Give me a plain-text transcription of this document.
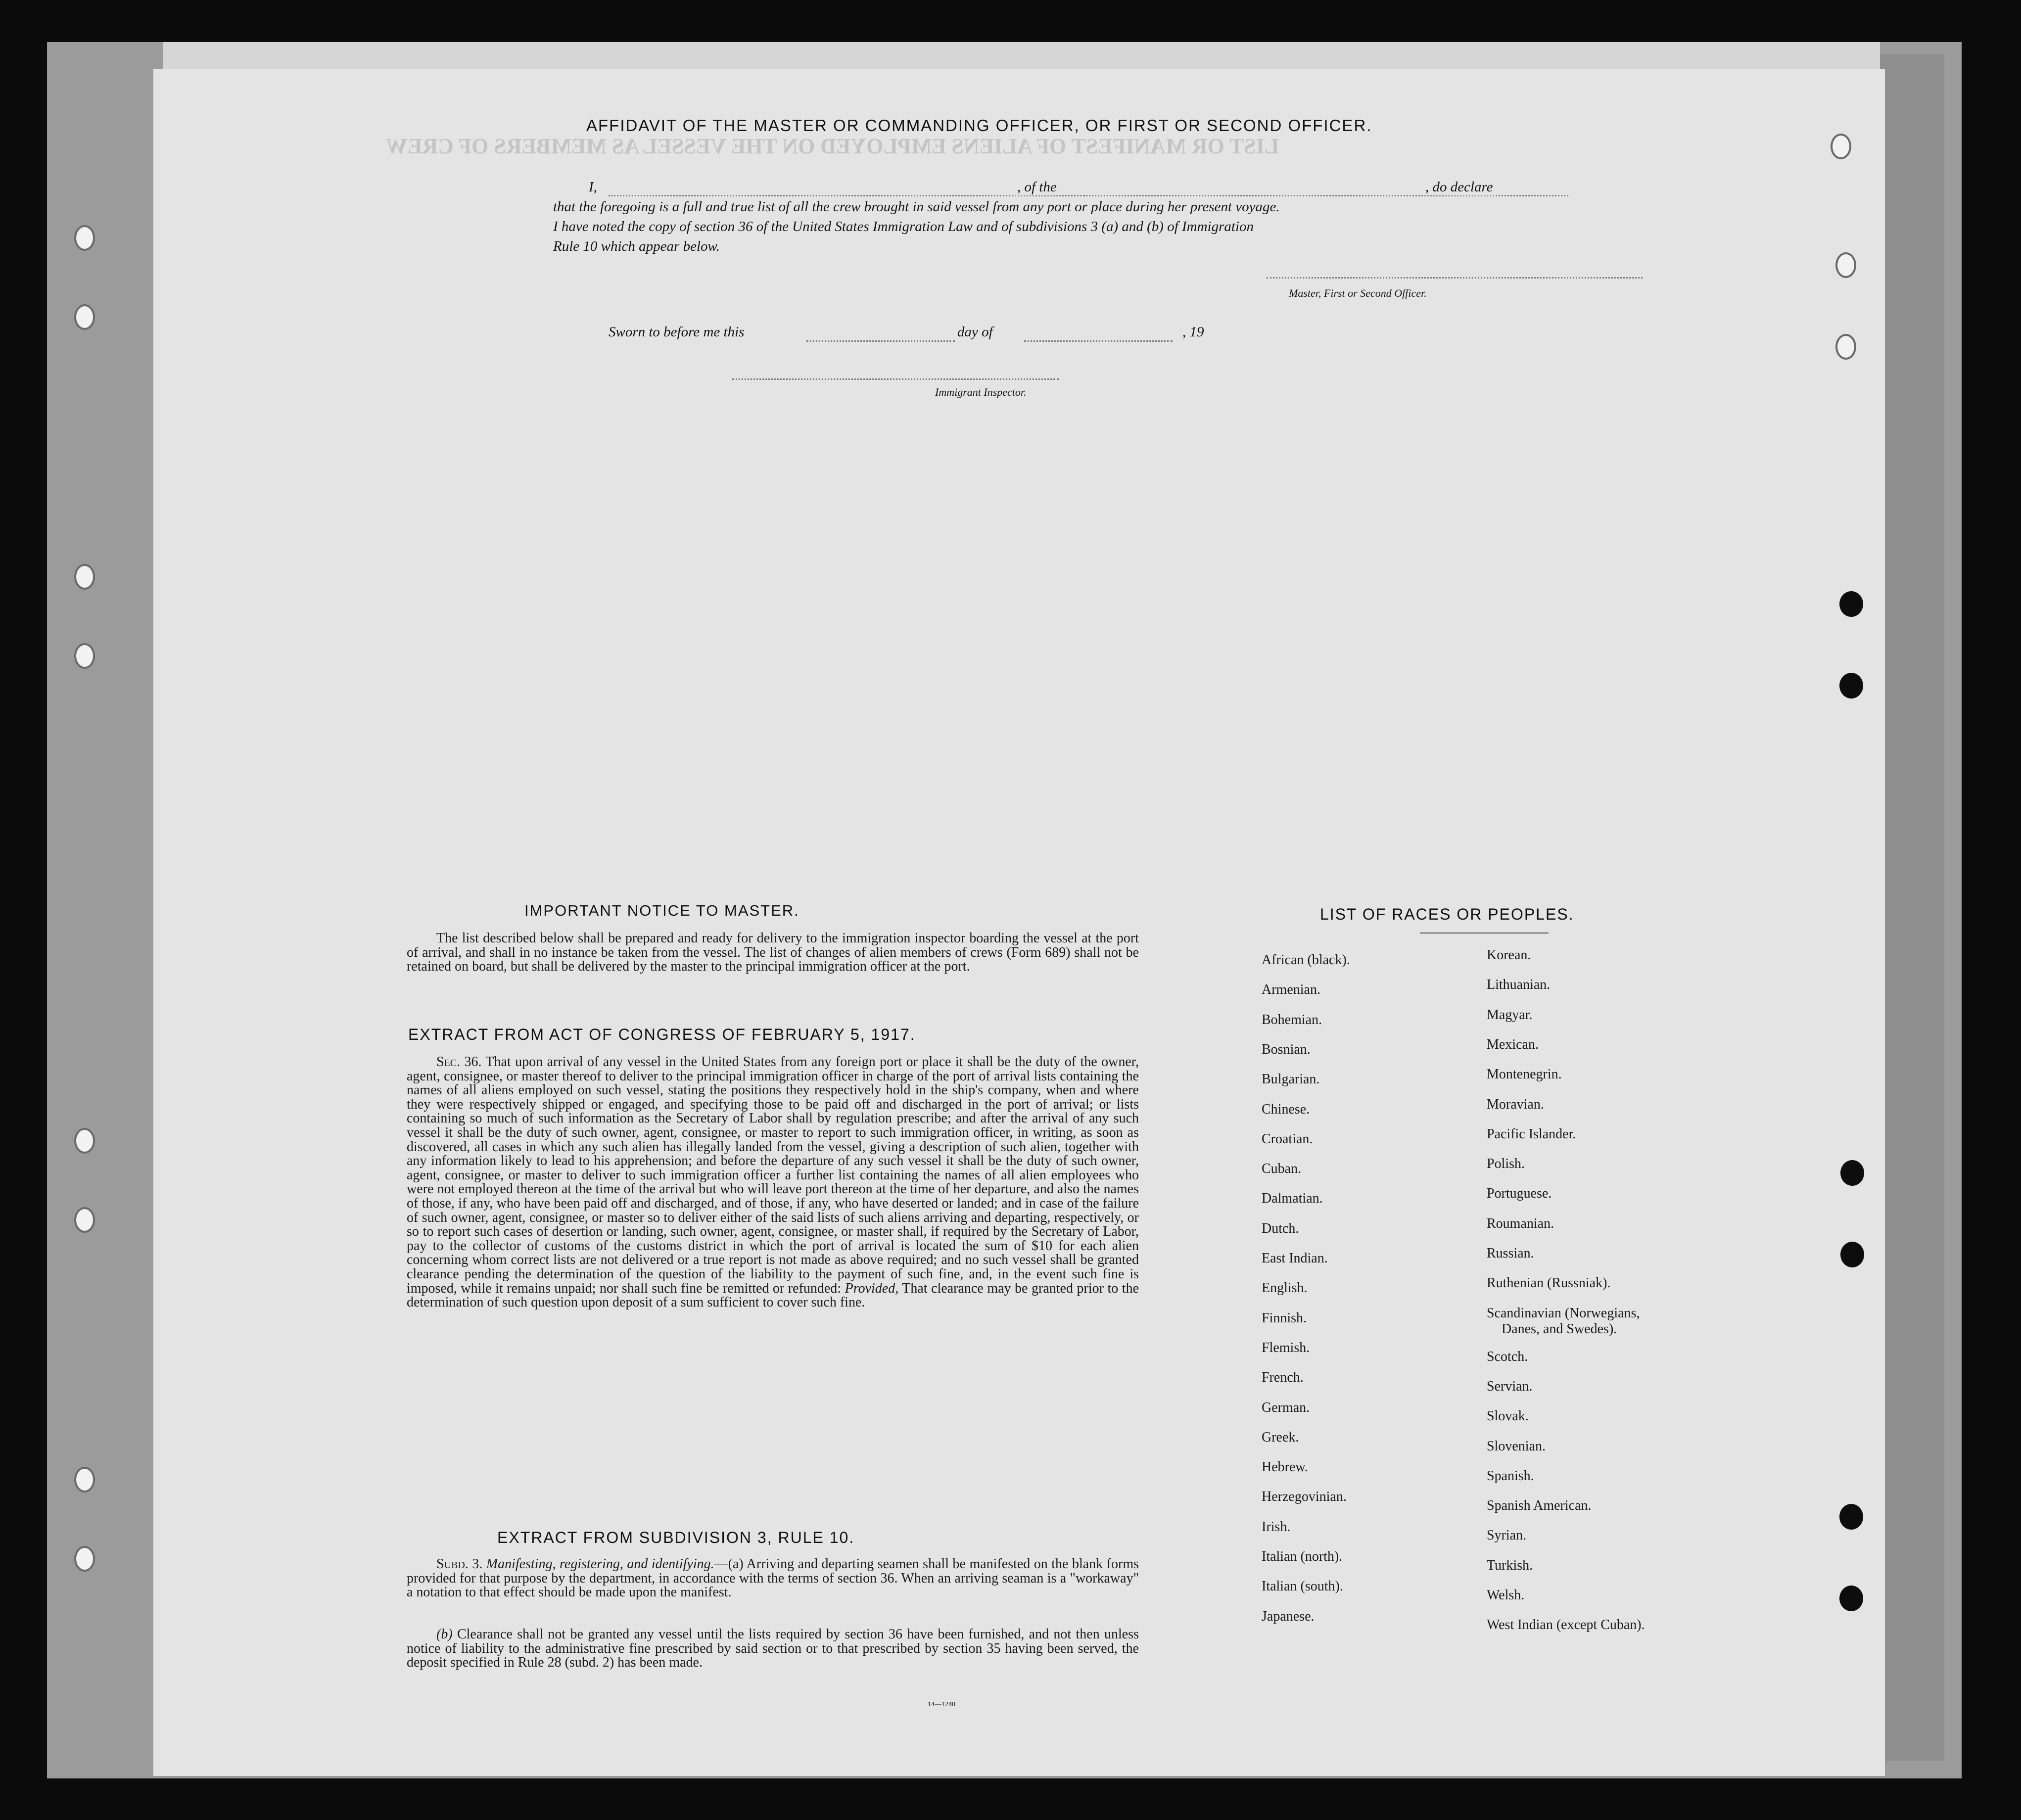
LIST OR MANIFEST OF ALIENS EMPLOYED ON THE VESSEL AS MEMBERS OF CREW
AFFIDAVIT OF THE MASTER OR COMMANDING OFFICER, OR FIRST OR SECOND OFFICER.
I,	, of the	, do declare
that the foregoing is a full and true list of all the crew brought in said vessel from any port or place during her present voyage.
I have noted the copy of section 36 of the United States Immigration Law and of subdivisions 3 (a) and (b) of Immigration
Rule 10 which appear below.
Master, First or Second Officer.
Sworn to before me this	day of	, 19
Immigrant Inspector.
IMPORTANT NOTICE TO MASTER.
The list described below shall be prepared and ready for delivery to the immigration inspector boarding the vessel at the port of arrival, and shall in no instance be taken from the vessel. The list of changes of alien members of crews (Form 689) shall not be retained on board, but shall be delivered by the master to the principal immigration officer at the port.
EXTRACT FROM ACT OF CONGRESS OF FEBRUARY 5, 1917.
Sec. 36. That upon arrival of any vessel in the United States from any foreign port or place it shall be the duty of the owner, agent, consignee, or master thereof to deliver to the principal immigration officer in charge of the port of arrival lists containing the names of all aliens employed on such vessel, stating the positions they respectively hold in the ship's company, when and where they were respectively shipped or engaged, and specifying those to be paid off and discharged in the port of arrival; or lists containing so much of such information as the Secretary of Labor shall by regulation prescribe; and after the arrival of any such vessel it shall be the duty of such owner, agent, consignee, or master to report to such immigration officer, in writing, as soon as discovered, all cases in which any such alien has illegally landed from the vessel, giving a description of such alien, together with any information likely to lead to his apprehension; and before the departure of any such vessel it shall be the duty of such owner, agent, consignee, or master to deliver to such immigration officer a further list containing the names of all alien employees who were not employed thereon at the time of the arrival but who will leave port thereon at the time of her departure, and also the names of those, if any, who have been paid off and discharged, and of those, if any, who have deserted or landed; and in case of the failure of such owner, agent, consignee, or master so to deliver either of the said lists of such aliens arriving and departing, respectively, or so to report such cases of desertion or landing, such owner, agent, consignee, or master shall, if required by the Secretary of Labor, pay to the collector of customs of the customs district in which the port of arrival is located the sum of $10 for each alien concerning whom correct lists are not delivered or a true report is not made as above required; and no such vessel shall be granted clearance pending the determination of the question of the liability to the payment of such fine, and, in the event such fine is imposed, while it remains unpaid; nor shall such fine be remitted or refunded: Provided, That clearance may be granted prior to the determination of such question upon deposit of a sum sufficient to cover such fine.
EXTRACT FROM SUBDIVISION 3, RULE 10.
Subd. 3. Manifesting, registering, and identifying.—(a) Arriving and departing seamen shall be manifested on the blank forms provided for that purpose by the department, in accordance with the terms of section 36. When an arriving seaman is a "workaway" a notation to that effect should be made upon the manifest.
(b) Clearance shall not be granted any vessel until the lists required by section 36 have been furnished, and not then unless notice of liability to the administrative fine prescribed by said section or to that prescribed by section 35 having been served, the deposit specified in Rule 28 (subd. 2) has been made.
14—1240
LIST OF RACES OR PEOPLES.
African (black).
Armenian.
Bohemian.
Bosnian.
Bulgarian.
Chinese.
Croatian.
Cuban.
Dalmatian.
Dutch.
East Indian.
English.
Finnish.
Flemish.
French.
German.
Greek.
Hebrew.
Herzegovinian.
Irish.
Italian (north).
Italian (south).
Japanese.
Korean.
Lithuanian.
Magyar.
Mexican.
Montenegrin.
Moravian.
Pacific Islander.
Polish.
Portuguese.
Roumanian.
Russian.
Ruthenian (Russniak).
Scandinavian (Norwegians,
Danes, and Swedes).
Scotch.
Servian.
Slovak.
Slovenian.
Spanish.
Spanish American.
Syrian.
Turkish.
Welsh.
West Indian (except Cuban).
